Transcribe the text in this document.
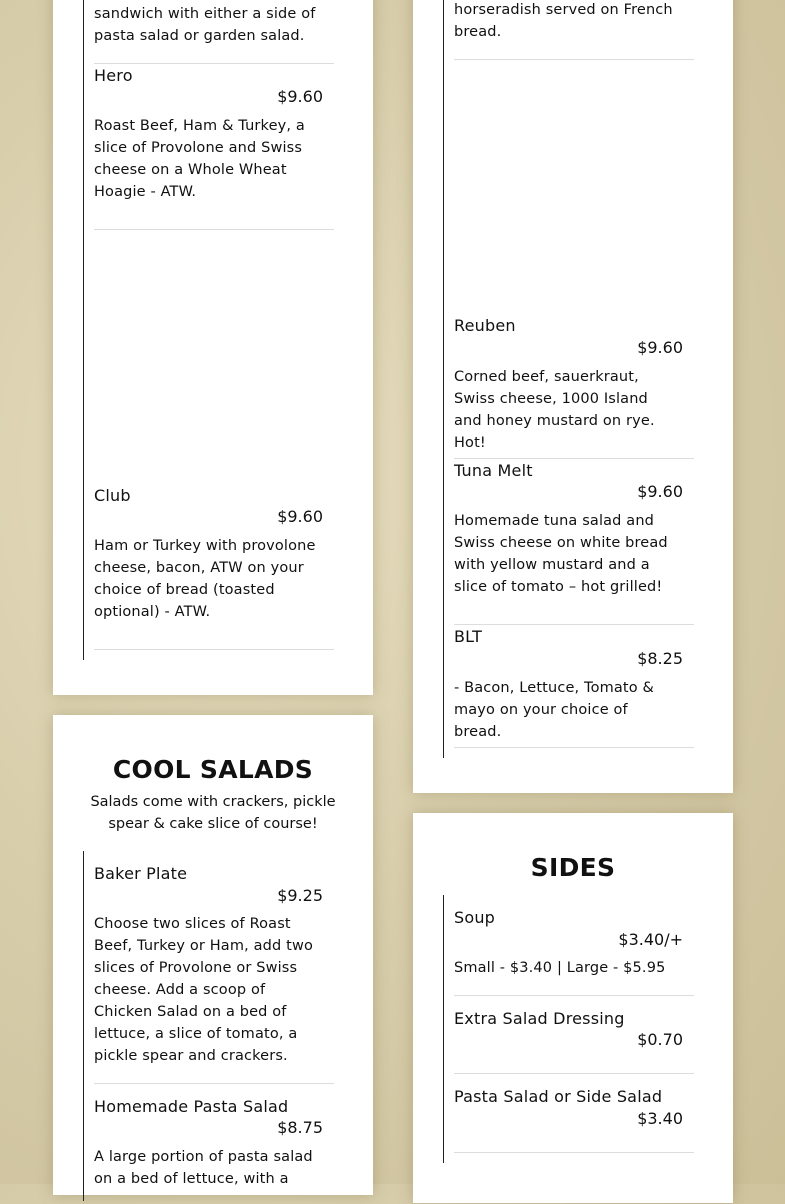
sandwich with either a side of pasta salad or garden salad.
Hero
$9.60
Roast Beef, Ham & Turkey, a slice of Provolone and Swiss cheese on a Whole Wheat Hoagie - ATW.
Club
$9.60
Ham or Turkey with provolone cheese, bacon, ATW on your choice of bread (toasted optional) - ATW.
horseradish served on French bread.
Reuben
$9.60
Corned beef, sauerkraut, Swiss cheese, 1000 Island and honey mustard on rye. Hot!
Tuna Melt
$9.60
Homemade tuna salad and Swiss cheese on white bread with yellow mustard and a slice of tomato – hot grilled!
BLT
$8.25
- Bacon, Lettuce, Tomato & mayo on your choice of bread.
COOL SALADS
Salads come with crackers, pickle spear & cake slice of course!
Baker Plate
$9.25
Choose two slices of Roast Beef, Turkey or Ham, add two slices of Provolone or Swiss cheese. Add a scoop of Chicken Salad on a bed of lettuce, a slice of tomato, a pickle spear and crackers.
Homemade Pasta Salad
$8.75
A large portion of pasta salad on a bed of lettuce, with a
SIDES
Soup
$3.40/+
Small - $3.40 | Large - $5.95
Extra Salad Dressing
$0.70
Pasta Salad or Side Salad
$3.40
